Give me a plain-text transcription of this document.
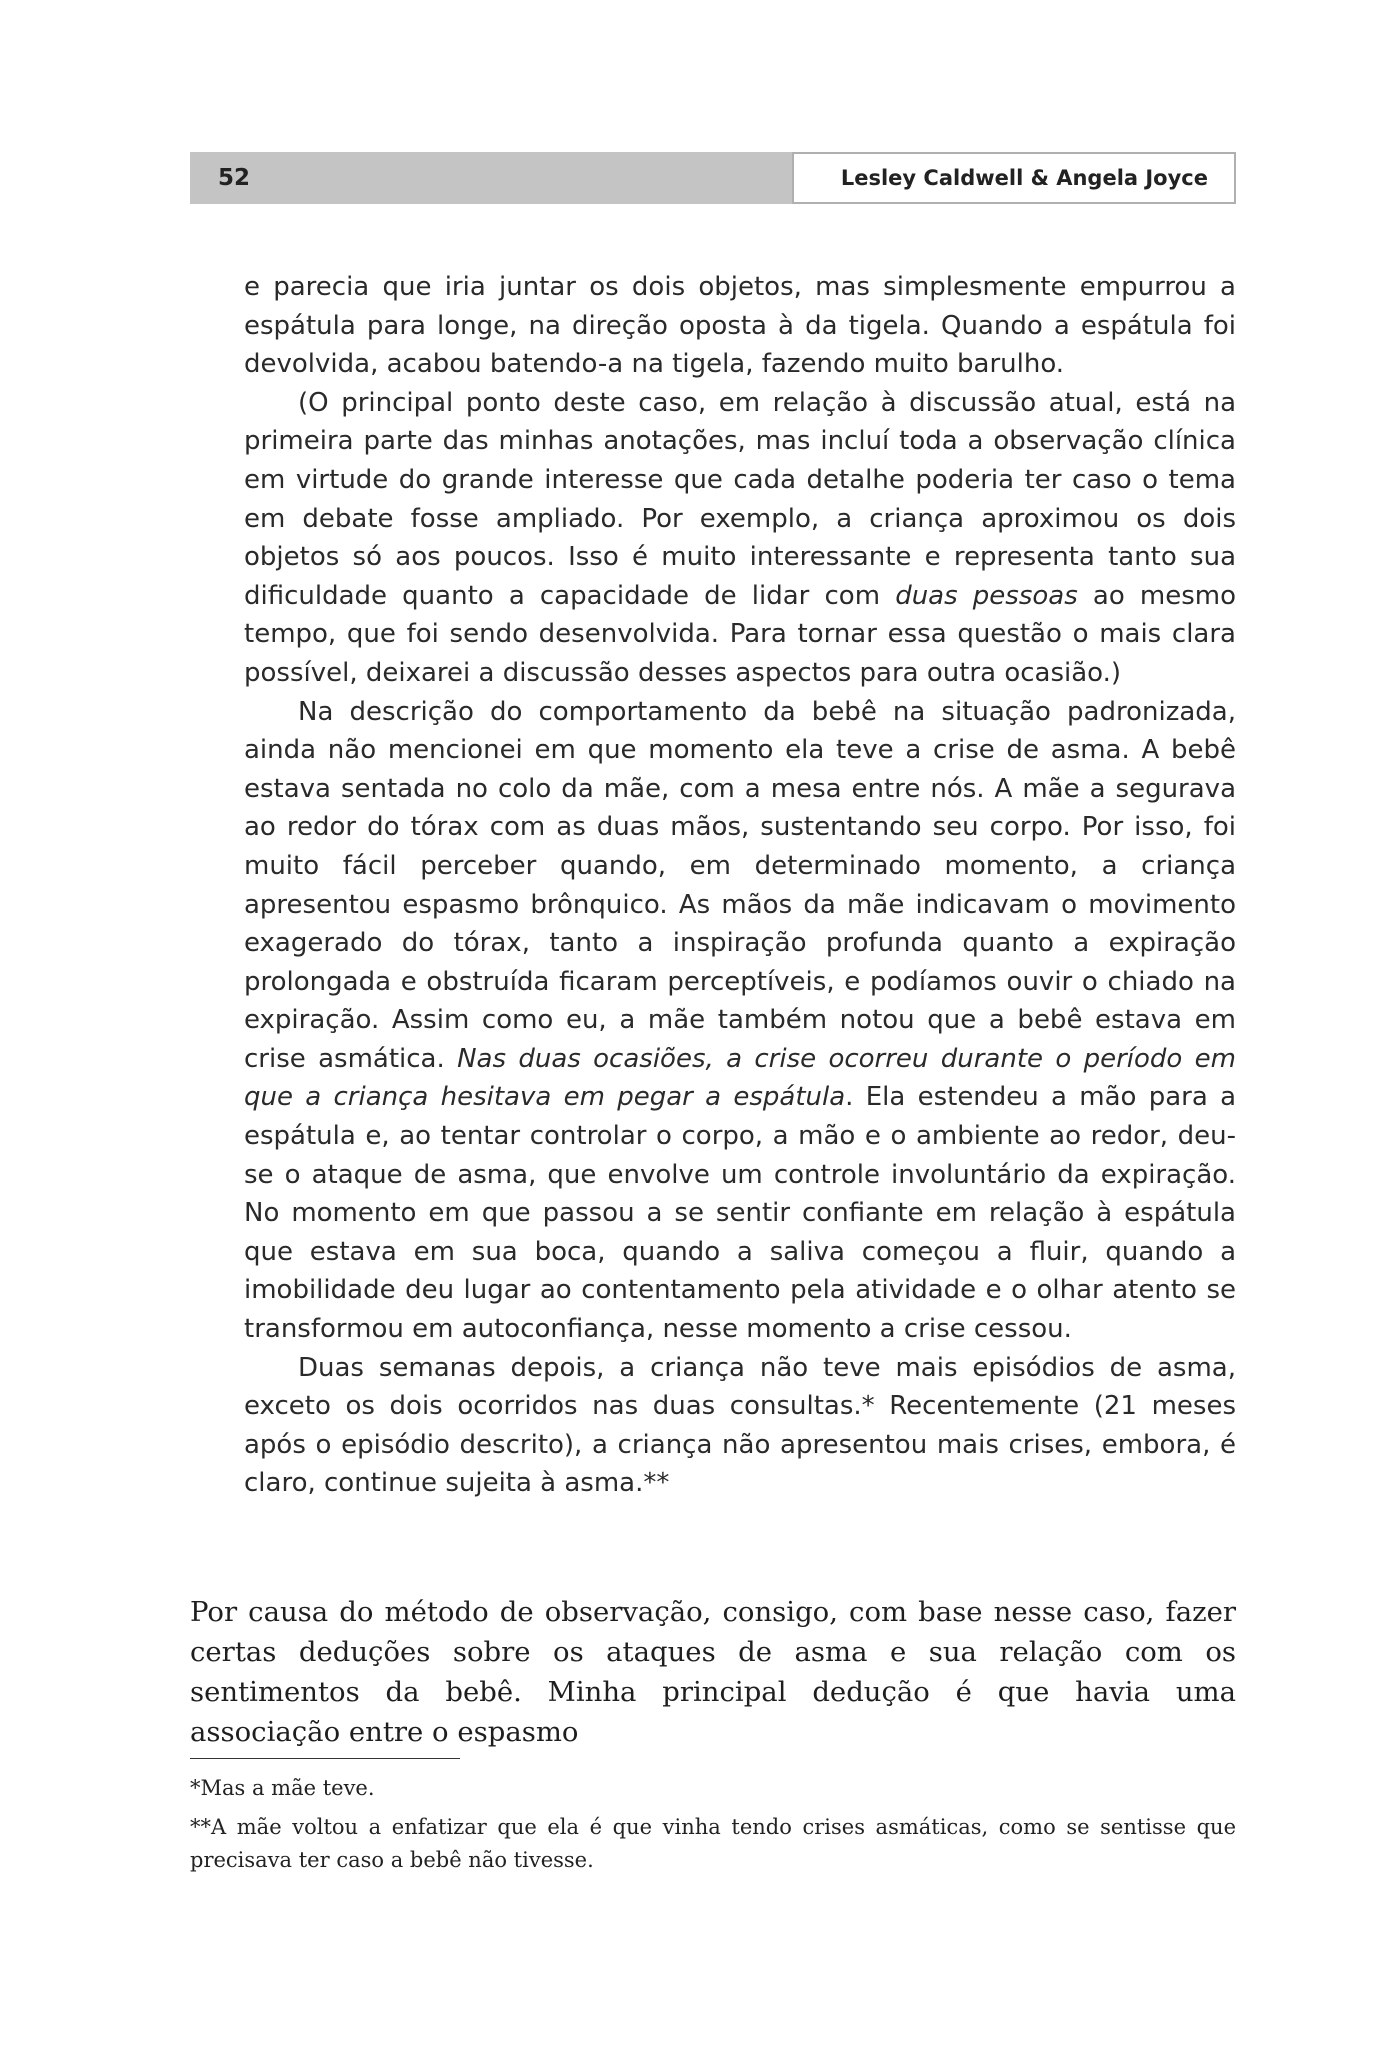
52	Lesley Caldwell & Angela Joyce

e parecia que iria juntar os dois objetos, mas simplesmente empurrou a espátula para longe, na direção oposta à da tigela. Quando a espátula foi devolvida, acabou batendo-a na tigela, fazendo muito barulho.

(O principal ponto deste caso, em relação à discussão atual, está na primeira parte das minhas anotações, mas incluí toda a observação clínica em virtude do grande interesse que cada detalhe poderia ter caso o tema em debate fosse ampliado. Por exemplo, a criança aproximou os dois objetos só aos poucos. Isso é muito interessante e representa tanto sua dificuldade quanto a capacidade de lidar com duas pessoas ao mesmo tempo, que foi sendo desenvolvida. Para tornar essa questão o mais clara possível, deixarei a discussão desses aspectos para outra ocasião.)

Na descrição do comportamento da bebê na situação padronizada, ainda não mencionei em que momento ela teve a crise de asma. A bebê estava sentada no colo da mãe, com a mesa entre nós. A mãe a segurava ao redor do tórax com as duas mãos, sustentando seu corpo. Por isso, foi muito fácil perceber quando, em determinado momento, a criança apresentou espasmo brônquico. As mãos da mãe indicavam o movimento exagerado do tórax, tanto a inspiração profunda quanto a expiração prolongada e obstruída ficaram perceptíveis, e podíamos ouvir o chiado na expiração. Assim como eu, a mãe também notou que a bebê estava em crise asmática. Nas duas ocasiões, a crise ocorreu durante o período em que a criança hesitava em pegar a espátula. Ela estendeu a mão para a espátula e, ao tentar controlar o corpo, a mão e o ambiente ao redor, deu-se o ataque de asma, que envolve um controle involuntário da expiração. No momento em que passou a se sentir confiante em relação à espátula que estava em sua boca, quando a saliva começou a fluir, quando a imobilidade deu lugar ao contentamento pela atividade e o olhar atento se transformou em autoconfiança, nesse momento a crise cessou.

Duas semanas depois, a criança não teve mais episódios de asma, exceto os dois ocorridos nas duas consultas.* Recentemente (21 meses após o episódio descrito), a criança não apresentou mais crises, embora, é claro, continue sujeita à asma.**

Por causa do método de observação, consigo, com base nesse caso, fazer certas deduções sobre os ataques de asma e sua relação com os sentimentos da bebê. Minha principal dedução é que havia uma associação entre o espasmo

*Mas a mãe teve.

**A mãe voltou a enfatizar que ela é que vinha tendo crises asmáticas, como se sentisse que precisava ter caso a bebê não tivesse.
